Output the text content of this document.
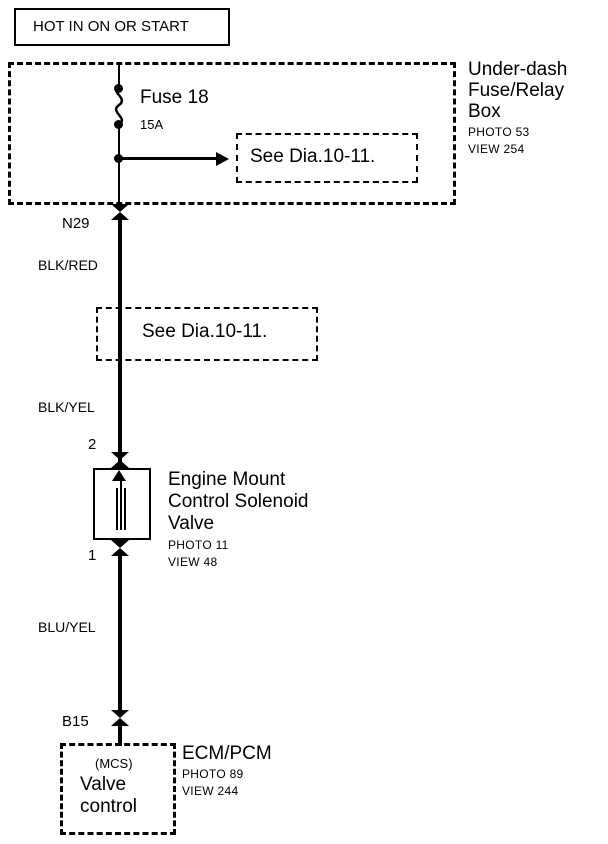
HOT IN ON OR START
Under-dash
Fuse/Relay
Box
PHOTO 53
VIEW 254
Fuse 18
15A
See Dia.10-11.
N29
BLK/RED
See Dia.10-11.
BLK/YEL
2
Engine Mount
Control Solenoid
Valve
PHOTO 11
VIEW 48
1
BLU/YEL
B15
(MCS)
Valve
control
ECM/PCM
PHOTO 89
VIEW 244
